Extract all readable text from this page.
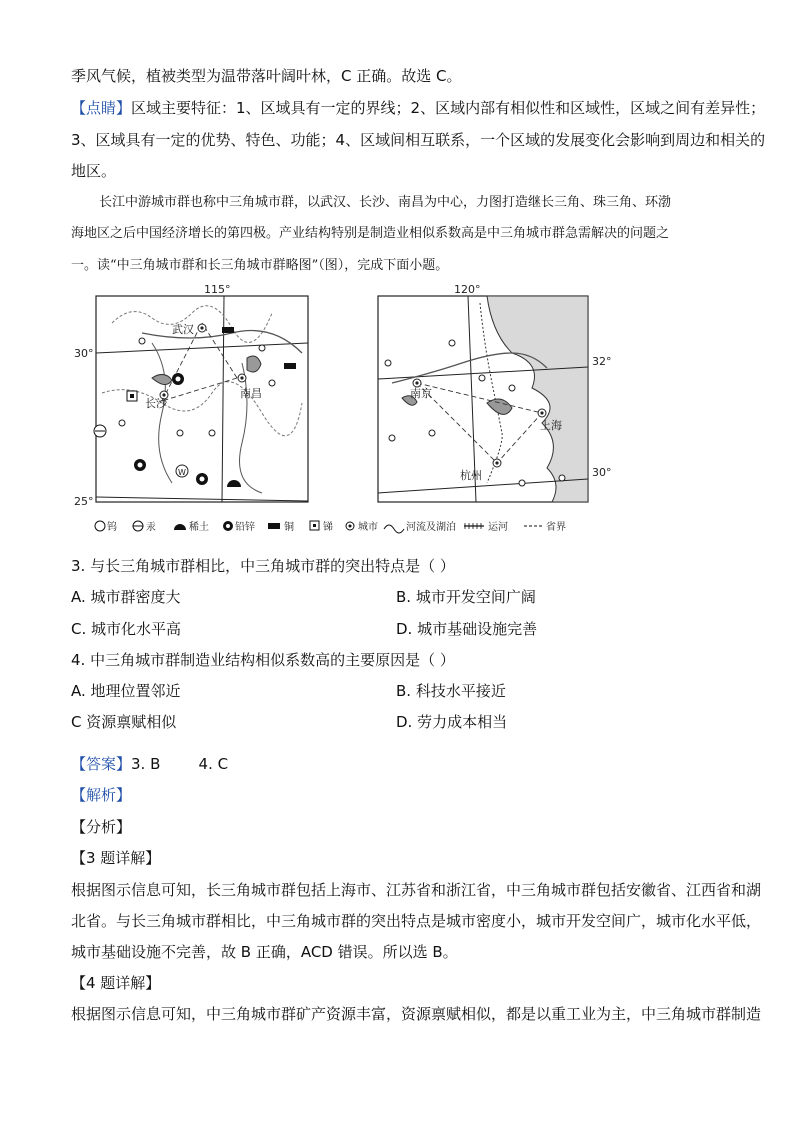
季风气候，植被类型为温带落叶阔叶林，C 正确。故选 C。
【点睛】区域主要特征：1、区域具有一定的界线；2、区域内部有相似性和区域性，区域之间有差异性；
3、区域具有一定的优势、特色、功能；4、区域间相互联系，一个区域的发展变化会影响到周边和相关的
地区。
长江中游城市群也称中三角城市群，以武汉、长沙、南昌为中心，力图打造继长三角、珠三角、环渤
海地区之后中国经济增长的第四极。产业结构特别是制造业相似系数高是中三角城市群急需解决的问题之
一。读“中三角城市群和长三角城市群略图”（图），完成下面小题。
115°
30°
25°
武汉
长沙
南昌
W
120°
32°
30°
南京
上海
杭州
钨	汞	稀土	铅锌	铜	锑	城市	河流及湖泊	运河	省界
3. 与长三角城市群相比，中三角城市群的突出特点是（ ）
A. 城市群密度大	B. 城市开发空间广阔
C. 城市化水平高	D. 城市基础设施完善
4. 中三角城市群制造业结构相似系数高的主要原因是（ ）
A. 地理位置邻近	B. 科技水平接近
C 资源禀赋相似	D. 劳力成本相当
【答案】3. B        4. C
【解析】
【分析】
【3 题详解】
根据图示信息可知，长三角城市群包括上海市、江苏省和浙江省，中三角城市群包括安徽省、江西省和湖
北省。与长三角城市群相比，中三角城市群的突出特点是城市密度小，城市开发空间广，城市化水平低，
城市基础设施不完善，故 B 正确，ACD 错误。所以选 B。
【4 题详解】
根据图示信息可知，中三角城市群矿产资源丰富，资源禀赋相似，都是以重工业为主，中三角城市群制造
